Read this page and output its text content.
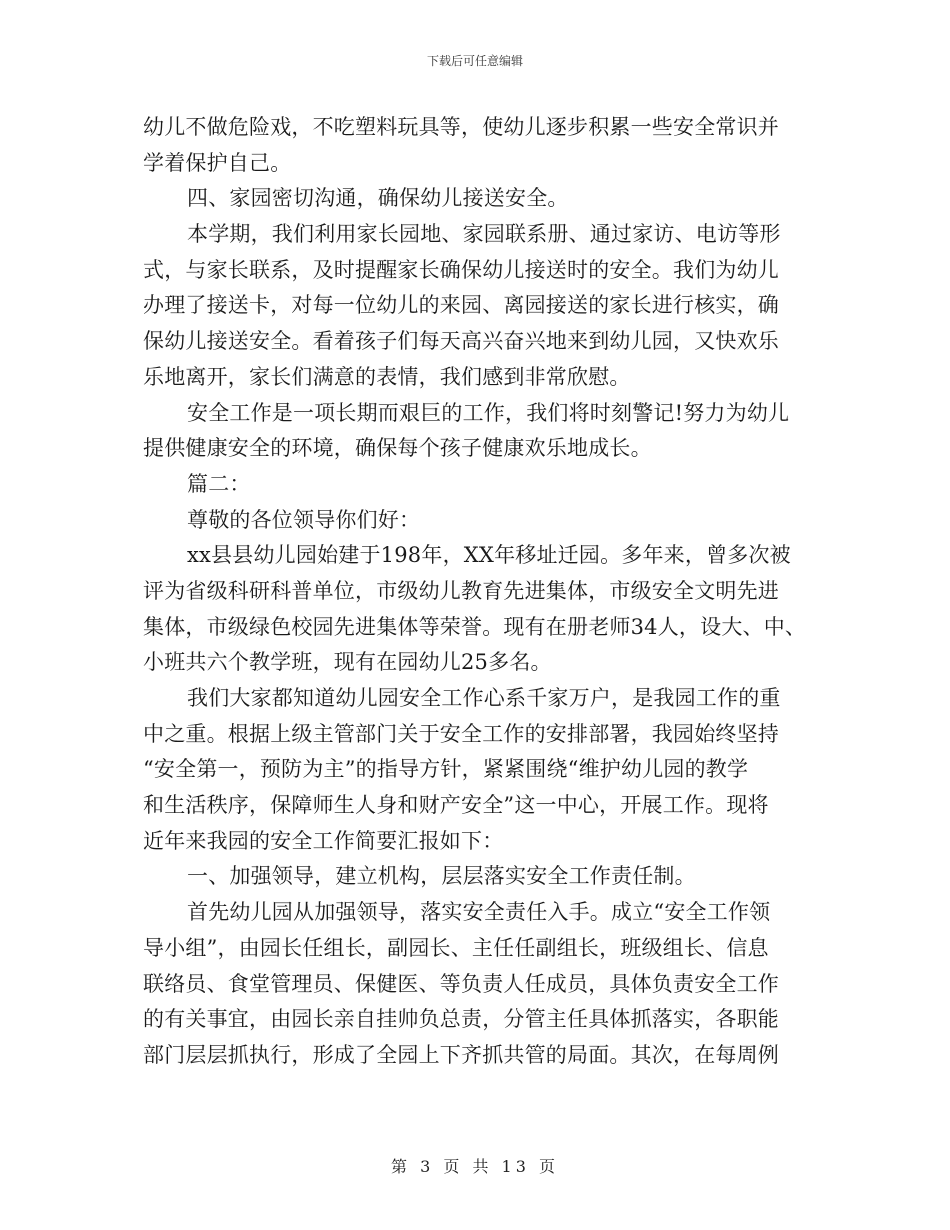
下载后可任意编辑
幼儿不做危险戏，不吃塑料玩具等，使幼儿逐步积累一些安全常识并
学着保护自己。
四、家园密切沟通，确保幼儿接送安全。
本学期，我们利用家长园地、家园联系册、通过家访、电访等形
式，与家长联系，及时提醒家长确保幼儿接送时的安全。我们为幼儿
办理了接送卡，对每一位幼儿的来园、离园接送的家长进行核实，确
保幼儿接送安全。看着孩子们每天高兴奋兴地来到幼儿园，又快欢乐
乐地离开，家长们满意的表情，我们感到非常欣慰。
安全工作是一项长期而艰巨的工作，我们将时刻警记!努力为幼儿
提供健康安全的环境，确保每个孩子健康欢乐地成长。
篇二：
尊敬的各位领导你们好：
xx县县幼儿园始建于198年，XX年移址迁园。多年来，曾多次被
评为省级科研科普单位，市级幼儿教育先进集体，市级安全文明先进
集体，市级绿色校园先进集体等荣誉。现有在册老师34人，设大、中、
小班共六个教学班，现有在园幼儿25多名。
我们大家都知道幼儿园安全工作心系千家万户，是我园工作的重
中之重。根据上级主管部门关于安全工作的安排部署，我园始终坚持
“安全第一，预防为主”的指导方针，紧紧围绕“维护幼儿园的教学
和生活秩序，保障师生人身和财产安全”这一中心，开展工作。现将
近年来我园的安全工作简要汇报如下：
一、加强领导，建立机构，层层落实安全工作责任制。
首先幼儿园从加强领导，落实安全责任入手。成立“安全工作领
导小组”，由园长任组长，副园长、主任任副组长，班级组长、信息
联络员、食堂管理员、保健医、等负责人任成员，具体负责安全工作
的有关事宜，由园长亲自挂帅负总责，分管主任具体抓落实，各职能
部门层层抓执行，形成了全园上下齐抓共管的局面。其次，在每周例
第 3 页 共 13 页
